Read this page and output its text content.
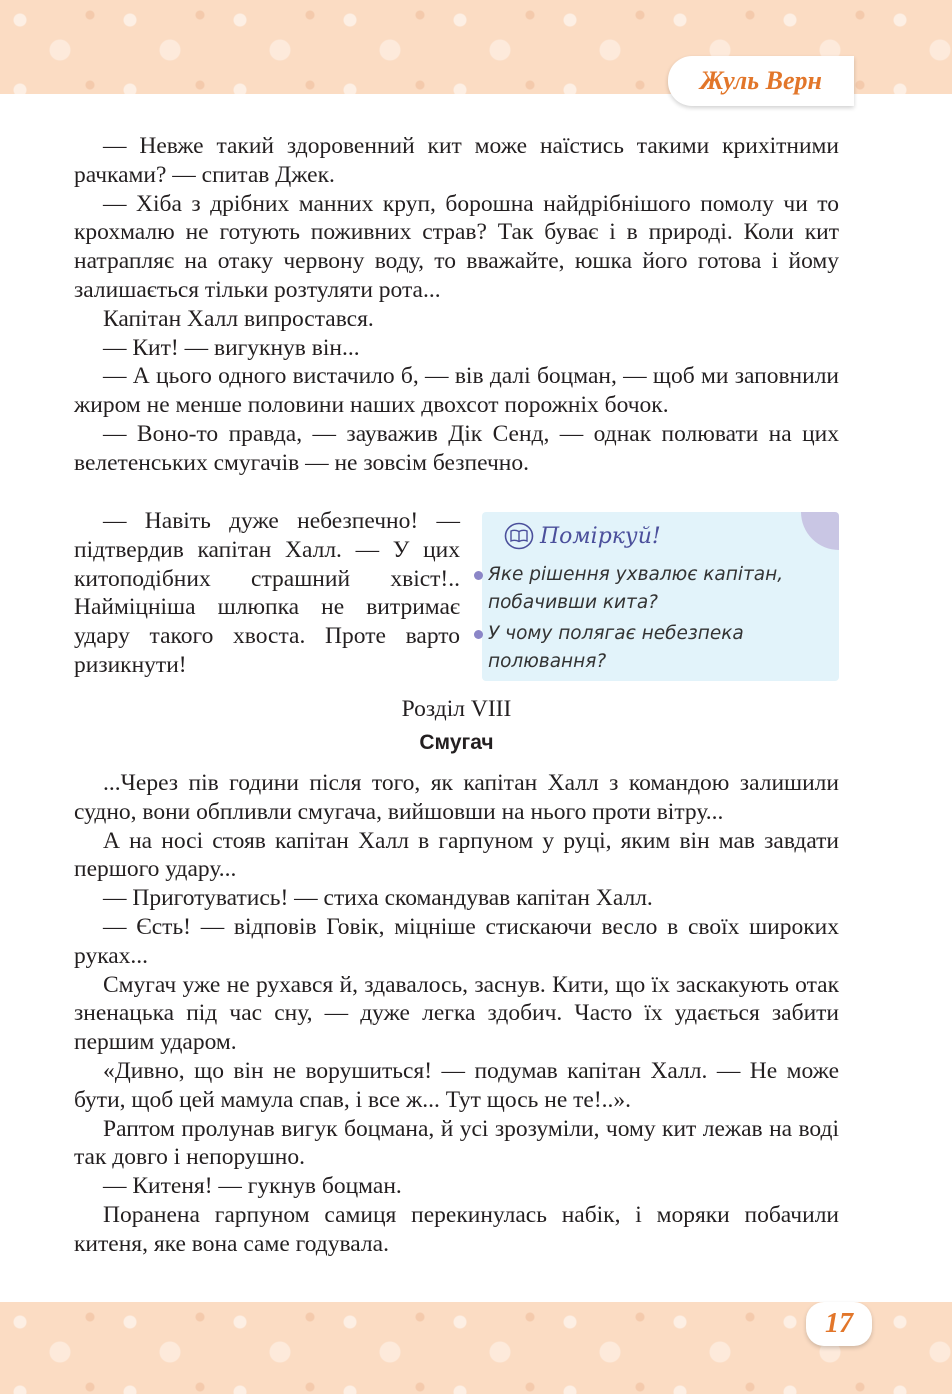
Жуль Верн

— Невже такий здоровенний кит може наїстись такими крихітними рачками? — спитав Джек.

— Хіба з дрібних манних круп, борошна найдрібнішого помолу чи то крохмалю не готують поживних страв? Так буває і в природі. Коли кит натрапляє на отаку червону воду, то вважайте, юшка його готова і йому залишається тільки розтуляти рота...

Капітан Халл випростався.

— Кит! — вигукнув він...

— А цього одного вистачило б, — вів далі боцман, — щоб ми заповнили жиром не менше половини наших двохсот порожніх бочок.

— Воно-то правда, — зауважив Дік Сенд, — однак полювати на цих велетенських смугачів — не зовсім безпечно.

— Навіть дуже небезпечно! — підтвердив капітан Халл. — У цих китоподібних страшний хвіст!.. Найміцніша шлюпка не витримає удару такого хвоста. Проте варто ризикнути!

Поміркуй!
Яке рішення ухвалює капітан, побачивши кита?
У чому полягає небезпека полювання?
Розділ VIII
Смугач

...Через пів години після того, як капітан Халл з командою залишили судно, вони обпливли смугача, вийшовши на нього проти вітру...

А на носі стояв капітан Халл в гарпуном у руці, яким він мав завдати першого удару...

— Приготуватись! — стиха скомандував капітан Халл.

— Єсть! — відповів Говік, міцніше стискаючи весло в своїх широких руках...

Смугач уже не рухався й, здавалось, заснув. Кити, що їх заскакують отак зненацька під час сну, — дуже легка здобич. Часто їх удається забити першим ударом.

«Дивно, що він не ворушиться! — подумав капітан Халл. — Не може бути, щоб цей мамула спав, і все ж... Тут щось не те!..».

Раптом пролунав вигук боцмана, й усі зрозуміли, чому кит лежав на воді так довго і непорушно.

— Китеня! — гукнув боцман.

Поранена гарпуном самиця перекинулась набік, і моряки побачили китеня, яке вона саме годувала.

17
